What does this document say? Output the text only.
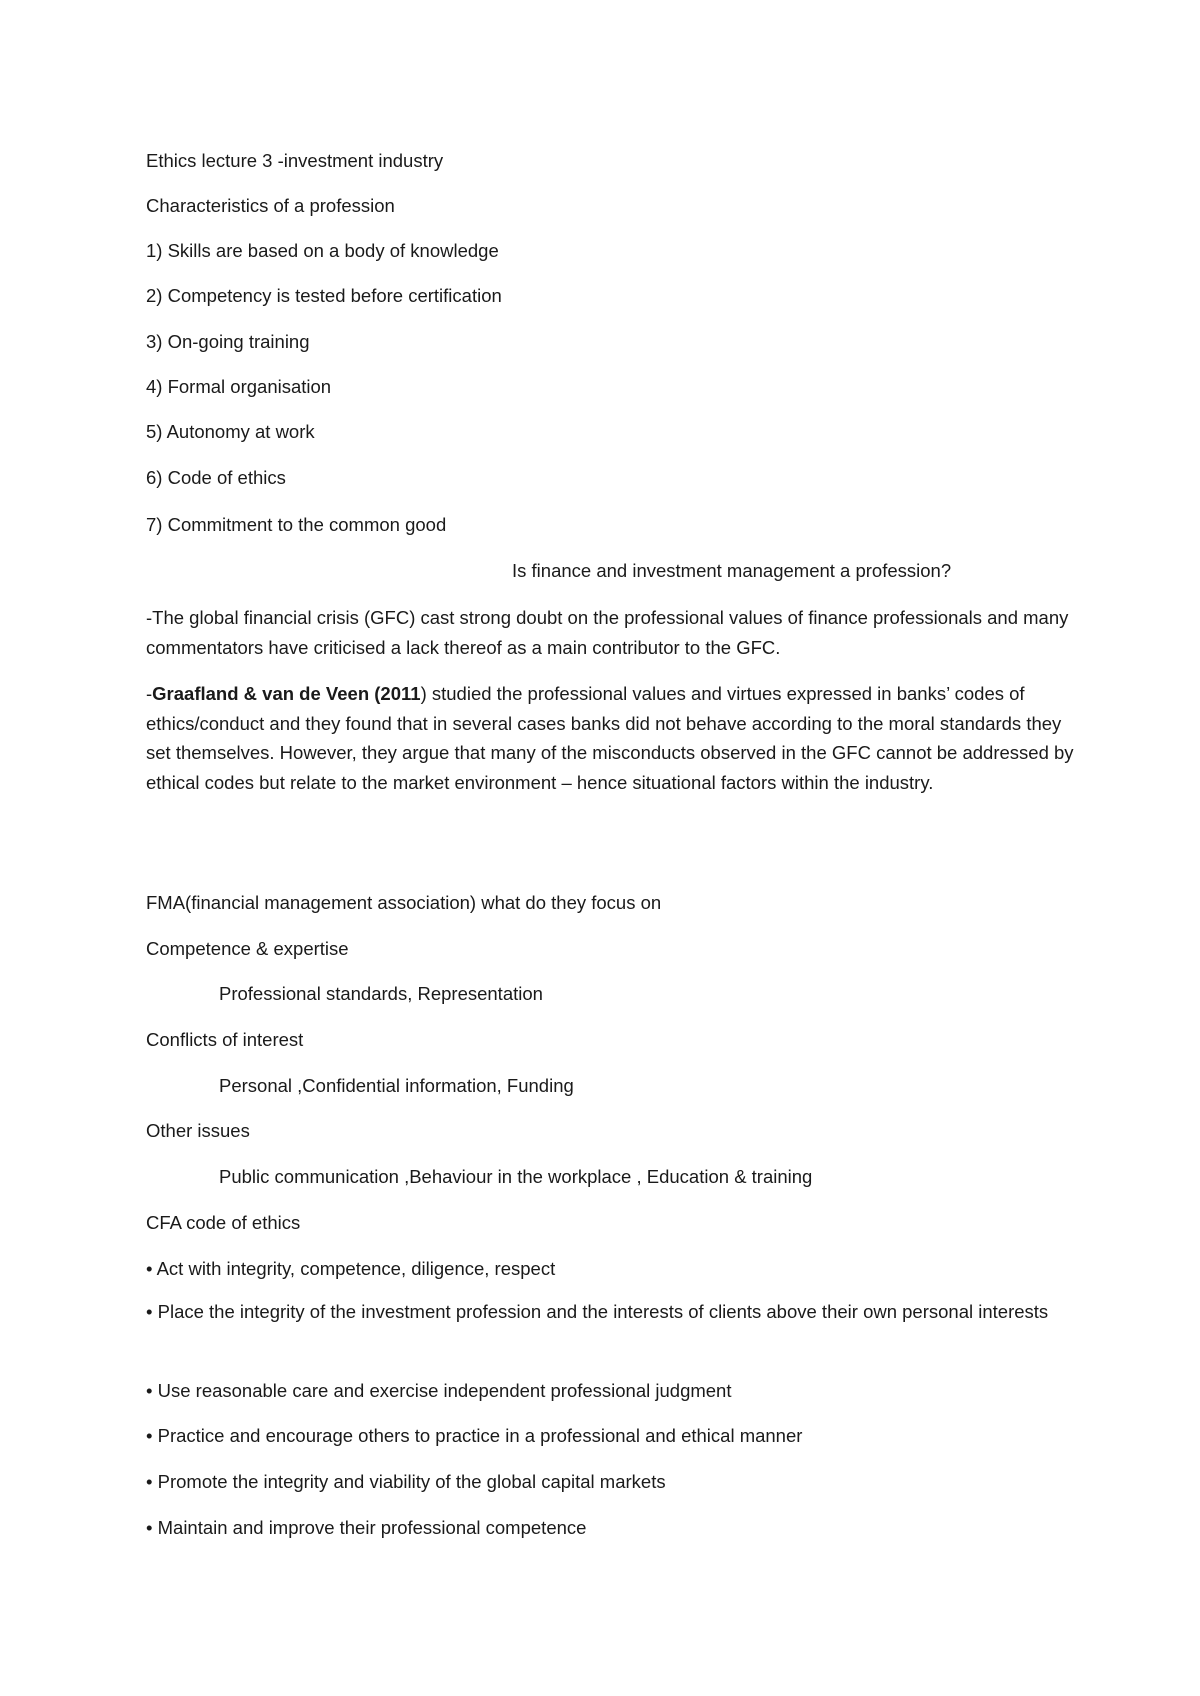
Ethics lecture 3 -investment industry
Characteristics of a profession
1) Skills are based on a body of knowledge
2) Competency is tested before certification
3) On-going training
4) Formal organisation
5) Autonomy at work
6) Code of ethics
7) Commitment to the common good
Is finance and investment management a profession?
-The global financial crisis (GFC) cast strong doubt on the professional values of finance professionals and many commentators have criticised a lack thereof as a main contributor to the GFC.
-Graafland & van de Veen (2011) studied the professional values and virtues expressed in banks’ codes of ethics/conduct and they found that in several cases banks did not behave according to the moral standards they set themselves. However, they argue that many of the misconducts observed in the GFC cannot be addressed by ethical codes but relate to the market environment – hence situational factors within the industry.
FMA(financial management association) what do they focus on
Competence & expertise
Professional standards, Representation
Conflicts of interest
Personal ,Confidential information, Funding
Other issues
Public communication ,Behaviour in the workplace , Education & training
CFA code of ethics
• Act with integrity, competence, diligence, respect
• Place the integrity of the investment profession and the interests of clients above their own personal interests
• Use reasonable care and exercise independent professional judgment
• Practice and encourage others to practice in a professional and ethical manner
• Promote the integrity and viability of the global capital markets
• Maintain and improve their professional competence
